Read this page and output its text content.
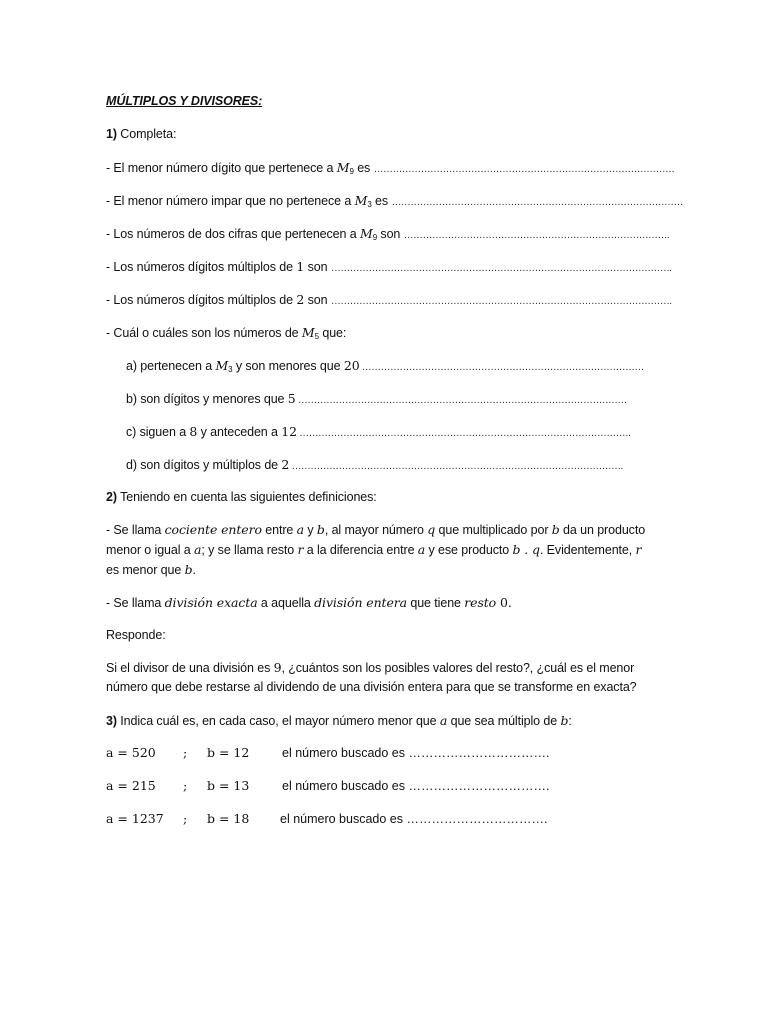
MÚLTIPLOS Y DIVISORES:
1) Completa:
- El menor número dígito que pertenece a $M_9$ es ……………………………………………………………………………………
- El menor número impar que no pertenece a $M_3$ es …………………………………………………………………………………
- Los números de dos cifras que pertenecen a $M_9$ son ………………………………………………………………………….
- Los números dígitos múltiplos de 1 son ……………………………………………………………………………………………….
- Los números dígitos múltiplos de 2 son ……………………………………………………………………………………………….
- Cuál o cuáles son los números de $M_5$ que:
a) pertenecen a $M_3$ y son menores que 20 ………………………………………………………………………………
b) son dígitos y menores que 5 ……………………………………………………………………………………………
c) siguen a 8 y anteceden a 12 …………………………………………………………………………………………….
d) son dígitos y múltiplos de 2 …………………………………………………………………………………………….
2) Teniendo en cuenta las siguientes definiciones:
- Se llama cociente entero entre a y b, al mayor número q que multiplicado por b da un producto
menor o igual a a; y se llama resto r a la diferencia entre a y ese producto b . q. Evidentemente, r
es menor que b.
- Se llama división exacta a aquella división entera que tiene resto 0.
Responde:
Si el divisor de una división es 9, ¿cuántos son los posibles valores del resto?, ¿cuál es el menor
número que debe restarse al dividendo de una división entera para que se transforme en exacta?
3) Indica cuál es, en cada caso, el mayor número menor que a que sea múltiplo de b:
a = 520 ; b = 12	el número buscado es …………………………….
a = 215 ; b = 13	el número buscado es …………………………….
a = 1237 ; b = 18 el número buscado es …………………………….
